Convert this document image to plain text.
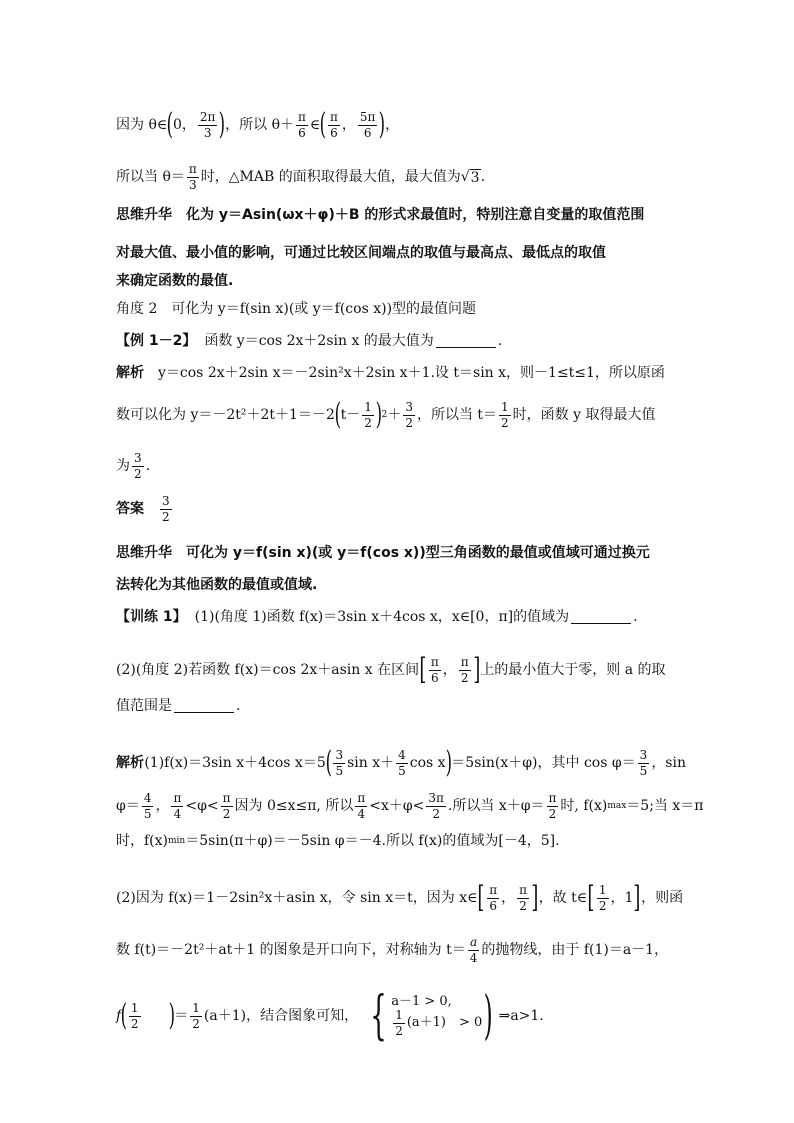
因为 θ∈ ( 0， $\frac{2\pi}{3}$ ) ，所以 $\theta+ \frac{\pi}{6}$ ∈ ( $\frac{\pi}{6}$ ， $\frac{5\pi}{6}$ ) ，
所以当 $\theta= \frac{\pi}{3}$ 时，△MAB 的面积取得最大值，最大值为 √ 3 .
思维升华 化为 y＝Asin(ωx＋φ)＋B 的形式求最值时，特别注意自变量的取值范围
对最大值、最小值的影响，可通过比较区间端点的取值与最高点、最低点的取值
来确定函数的最值.
角度 2　可化为 y＝f(sin x)(或 y＝f(cos x))型的最值问题
【例 1－2】 函数 y＝cos 2x＋2sin x 的最大值为	.
解析 y＝cos 2x＋2sin x＝－2sin²x＋2sin x＋1.设 t＝sin x，则－1≤t≤1，所以原函
数可以化为 y＝－2t²＋2t＋1＝－2 ( $t- \frac{1}{2}$ ) $2 + \frac{3}{2}$ ，所以当 $t= \frac{1}{2}$ 时，函数 y 取得最大值
为 $\frac{3}{2}$ .
答案 $\frac{3}{2}$
思维升华 可化为 y＝f(sin x)(或 y＝f(cos x))型三角函数的最值或值域可通过换元
法转化为其他函数的最值或值域.
【训练 1】 (1)(角度 1)函数 f(x)＝3sin x＋4cos x，x∈[0，π]的值域为	.
(2)(角度 2)若函数 f(x)＝cos 2x＋asin x 在区间 [ $\frac{\pi}{6}$ ， $\frac{\pi}{2}$ ] 上的最小值大于零，则 a 的取
值范围是	.
解析 (1)f(x)＝3sin x＋4cos x＝5 ( $\frac{3}{5}$ $\sin x+ \frac{4}{5}$ cos x ) ＝5sin(x＋φ)，其中 $\cos \varphi= \frac{3}{5}$ ，sin
$\varphi= \frac{4}{5}$ ， $\frac{\pi}{4} <\varphi< \frac{\pi}{2}$ 因为 0≤x≤π, 所以 $\frac{\pi}{4} <x+\varphi< \frac{3\pi}{2}$ .所以当 $x+\varphi= \frac{\pi}{2}$ 时, f(x) max ＝5;当 x＝π
时，f(x) min ＝5sin(π＋φ)＝－5sin φ＝－4.所以 f(x)的值域为[－4，5].
(2)因为 f(x)＝1－2sin²x＋asin x，令 sin x＝t，因为 x∈ [ $\frac{\pi}{6}$ ， $\frac{\pi}{2}$ ] ，故 t∈ [ $\frac{1}{2}$ ，1 ] ，则函
数 f(t)＝－2t²＋at＋1 的图象是开口向下，对称轴为 $t= \frac{a}{4}$ 的抛物线，由于 f(1)＝a－1，
f ( $\frac{1}{2}$ ) ＝ $\frac{1}{2} (a+1)$，结合图象可知， { a－1 > 0,
$\frac{1}{2} (a+1)$　> 0 ) ⇒a>1.
